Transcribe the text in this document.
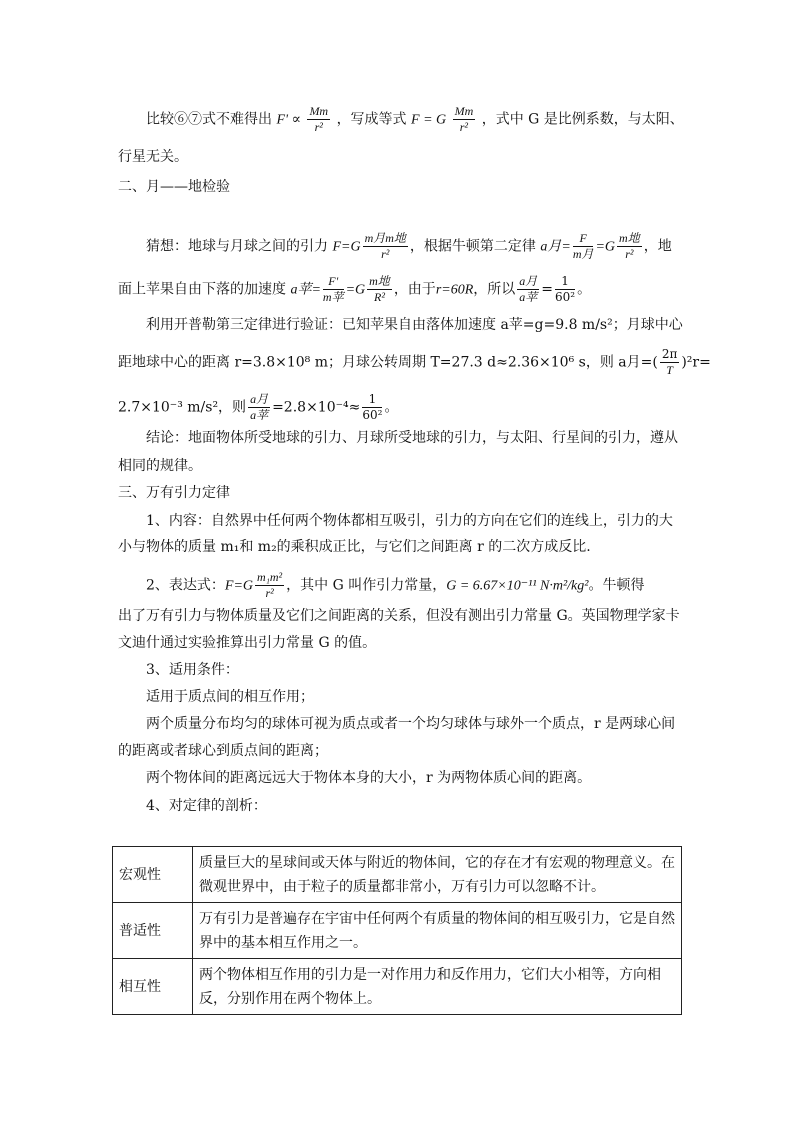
比较⑥⑦式不难得出 $F' \propto \frac{Mm}{\text{r²}}$ ，写成等式 F = G $\frac{Mm}{\text{r²}}$ ，式中 G 是比例系数，与太阳、
行星无关。
二、月——地检验
猜想：地球与月球之间的引力 $F=G \frac{\text{m月m地}}{\text{r²}}$ ，根据牛顿第二定律 a月= $\frac{F}{\text{m月}} =G \frac{\text{m地}}{\text{r²}}$ ，地
面上苹果自由下落的加速度 a苹= $\frac{F'}{\text{m苹}} =G \frac{\text{m地}}{\text{R²}}$ ，由于r=60R，所以 $\frac{\text{a月}}{\text{a苹}} = \frac{1}{\text{60²}}$ 。
利用开普勒第三定律进行验证：已知苹果自由落体加速度 a苹=g=9.8 m/s²；月球中心
距地球中心的距离 r=3.8×10⁸ m；月球公转周期 T=27.3 d≈2.36×10⁶ s，则 a月=( $\frac{2\pi}{T} )^2r=$
2.7×10⁻³ m/s²，则 $\frac{\text{a月}}{\text{a苹}} =2.8\times 10^{-4}\approx \frac{1}{\text{60²}}$ 。
结论：地面物体所受地球的引力、月球所受地球的引力，与太阳、行星间的引力，遵从
相同的规律。
三、万有引力定律
1、内容：自然界中任何两个物体都相互吸引，引力的方向在它们的连线上，引力的大
小与物体的质量 m₁和 m₂的乘积成正比，与它们之间距离 r 的二次方成反比.
2、表达式：$F=G \frac{\text{m₁m²}}{\text{r²}}$ ，其中 G 叫作引力常量，G = 6.67×10⁻¹¹ N·m²/kg²。牛顿得
出了万有引力与物体质量及它们之间距离的关系，但没有测出引力常量 G。英国物理学家卡
文迪什通过实验推算出引力常量 G 的值。
3、适用条件：
适用于质点间的相互作用；
两个质量分布均匀的球体可视为质点或者一个均匀球体与球外一个质点，r 是两球心间
的距离或者球心到质点间的距离；
两个物体间的距离远远大于物体本身的大小，r 为两物体质心间的距离。
4、对定律的剖析：
宏观性	质量巨大的星球间或天体与附近的物体间，它的存在才有宏观的物理意义。在微观世界中，由于粒子的质量都非常小，万有引力可以忽略不计。
普适性	万有引力是普遍存在宇宙中任何两个有质量的物体间的相互吸引力，它是自然界中的基本相互作用之一。
相互性	两个物体相互作用的引力是一对作用力和反作用力，它们大小相等，方向相反，分别作用在两个物体上。
